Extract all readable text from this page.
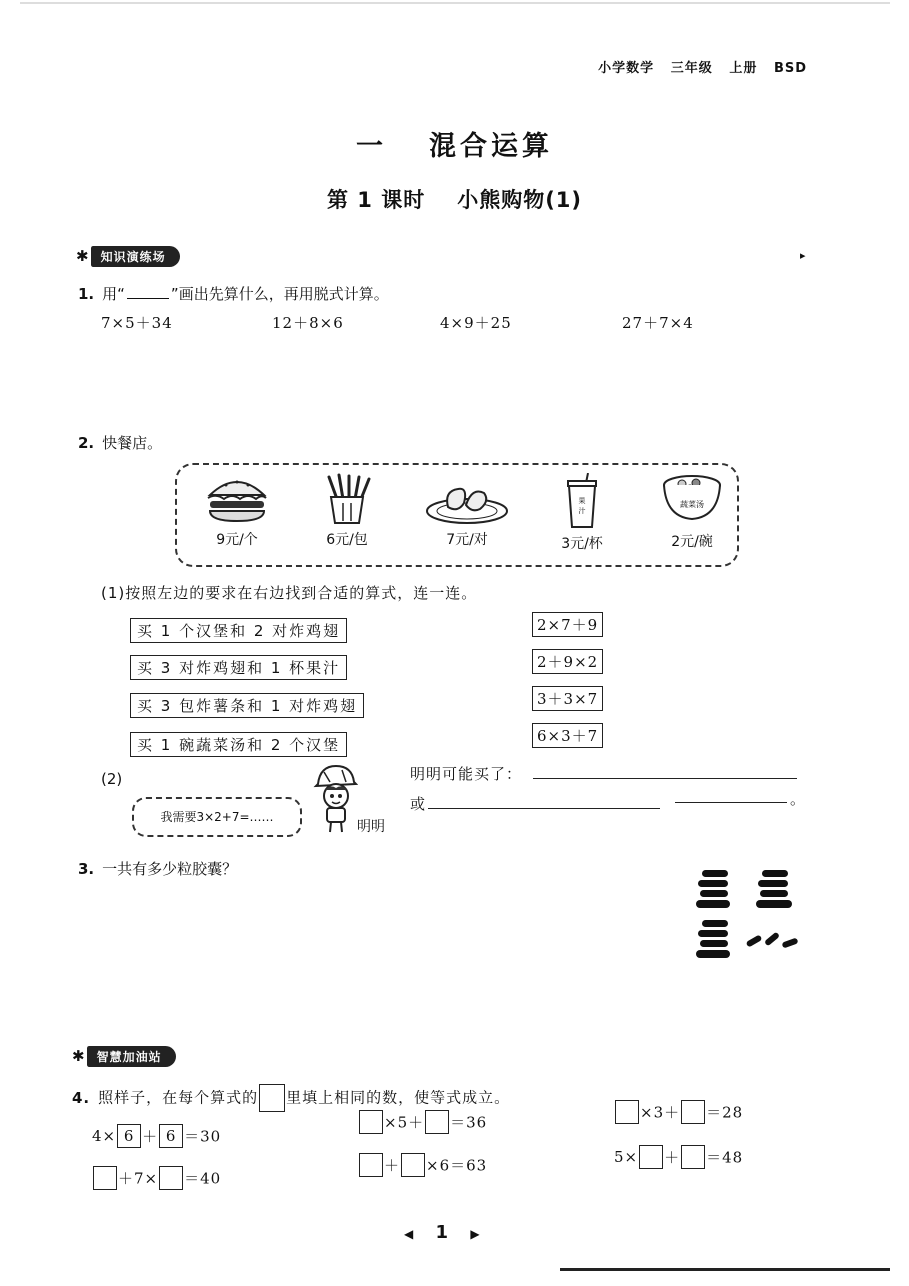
小学数学 三年级 上册 BSD
一 混合运算
第 1 课时 小熊购物(1)
✱	知识演练场	▸
1. 用“	”画出先算什么，再用脱式计算。
7×5＋34	12＋8×6	4×9＋25	27＋7×4
2. 快餐店。
9元/个	6元/包	7元/对
果
汁
3元/杯
蔬菜汤
2元/碗
(1)按照左边的要求在右边找到合适的算式，连一连。
买 1 个汉堡和 2 对炸鸡翅
买 3 对炸鸡翅和 1 杯果汁
买 3 包炸薯条和 1 对炸鸡翅
买 1 碗蔬菜汤和 2 个汉堡
2×7＋9
2＋9×2
3＋3×7
6×3＋7
(2)
我需要3×2+7=……
明明
明明可能买了：
或	。
3. 一共有多少粒胶囊？
✱	智慧加油站
4. 照样子，在每个算式的 里填上相同的数，使等式成立。
4× 6 ＋ 6 ＝30
＋7× ＝40
×5＋ ＝36
＋ ×6＝63
×3＋ ＝28
5× ＋ ＝48
◀ 1 ▶
